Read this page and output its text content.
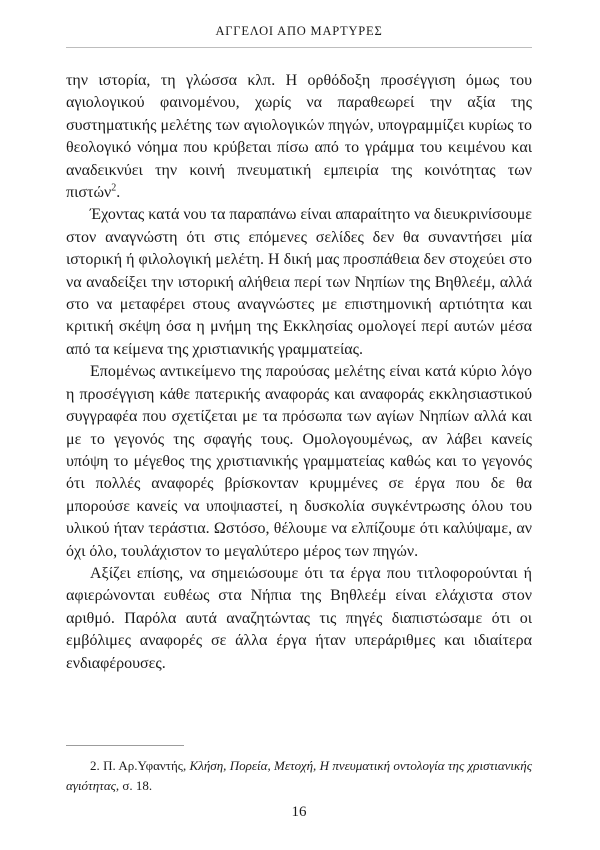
ΑΓΓΕΛΟΙ ΑΠΟ ΜΑΡΤΥΡΕΣ

την ιστορία, τη γλώσσα κλπ. Η ορθόδοξη προσέγγιση όμως του αγιολογικού φαινομένου, χωρίς να παραθεωρεί την αξία της συστηματικής μελέτης των αγιολογικών πηγών, υπογραμμίζει κυρίως το θεολογικό νόημα που κρύβεται πίσω από το γράμμα του κειμένου και αναδεικνύει την κοινή πνευματική εμπειρία της κοινότητας των πιστών$^2$.

Έχοντας κατά νου τα παραπάνω είναι απαραίτητο να διευκρινίσουμε στον αναγνώστη ότι στις επόμενες σελίδες δεν θα συναντήσει μία ιστορική ή φιλολογική μελέτη. Η δική μας προσπάθεια δεν στοχεύει στο να αναδείξει την ιστορική αλήθεια περί των Νηπίων της Βηθλεέμ, αλλά στο να μεταφέρει στους αναγνώστες με επιστημονική αρτιότητα και κριτική σκέψη όσα η μνήμη της Εκκλησίας ομολογεί περί αυτών μέσα από τα κείμενα της χριστιανικής γραμματείας.

Επομένως αντικείμενο της παρούσας μελέτης είναι κατά κύριο λόγο η προσέγγιση κάθε πατερικής αναφοράς και αναφοράς εκκλησιαστικού συγγραφέα που σχετίζεται με τα πρόσωπα των αγίων Νηπίων αλλά και με το γεγονός της σφαγής τους. Ομολογουμένως, αν λάβει κανείς υπόψη το μέγεθος της χριστιανικής γραμματείας καθώς και το γεγονός ότι πολλές αναφορές βρίσκονταν κρυμμένες σε έργα που δε θα μπορούσε κανείς να υποψιαστεί, η δυσκολία συγκέντρωσης όλου του υλικού ήταν τεράστια. Ωστόσο, θέλουμε να ελπίζουμε ότι καλύψαμε, αν όχι όλο, τουλάχιστον το μεγαλύτερο μέρος των πηγών.

Αξίζει επίσης, να σημειώσουμε ότι τα έργα που τιτλοφορούνται ή αφιερώνονται ευθέως στα Νήπια της Βηθλεέμ είναι ελάχιστα στον αριθμό. Παρόλα αυτά αναζητώντας τις πηγές διαπιστώσαμε ότι οι εμβόλιμες αναφορές σε άλλα έργα ήταν υπεράριθμες και ιδιαίτερα ενδιαφέρουσες.

2. Π. Αρ.Υφαντής, Κλήση, Πορεία, Μετοχή, Η πνευματική οντολογία της χριστιανικής αγιότητας, σ. 18.
16
